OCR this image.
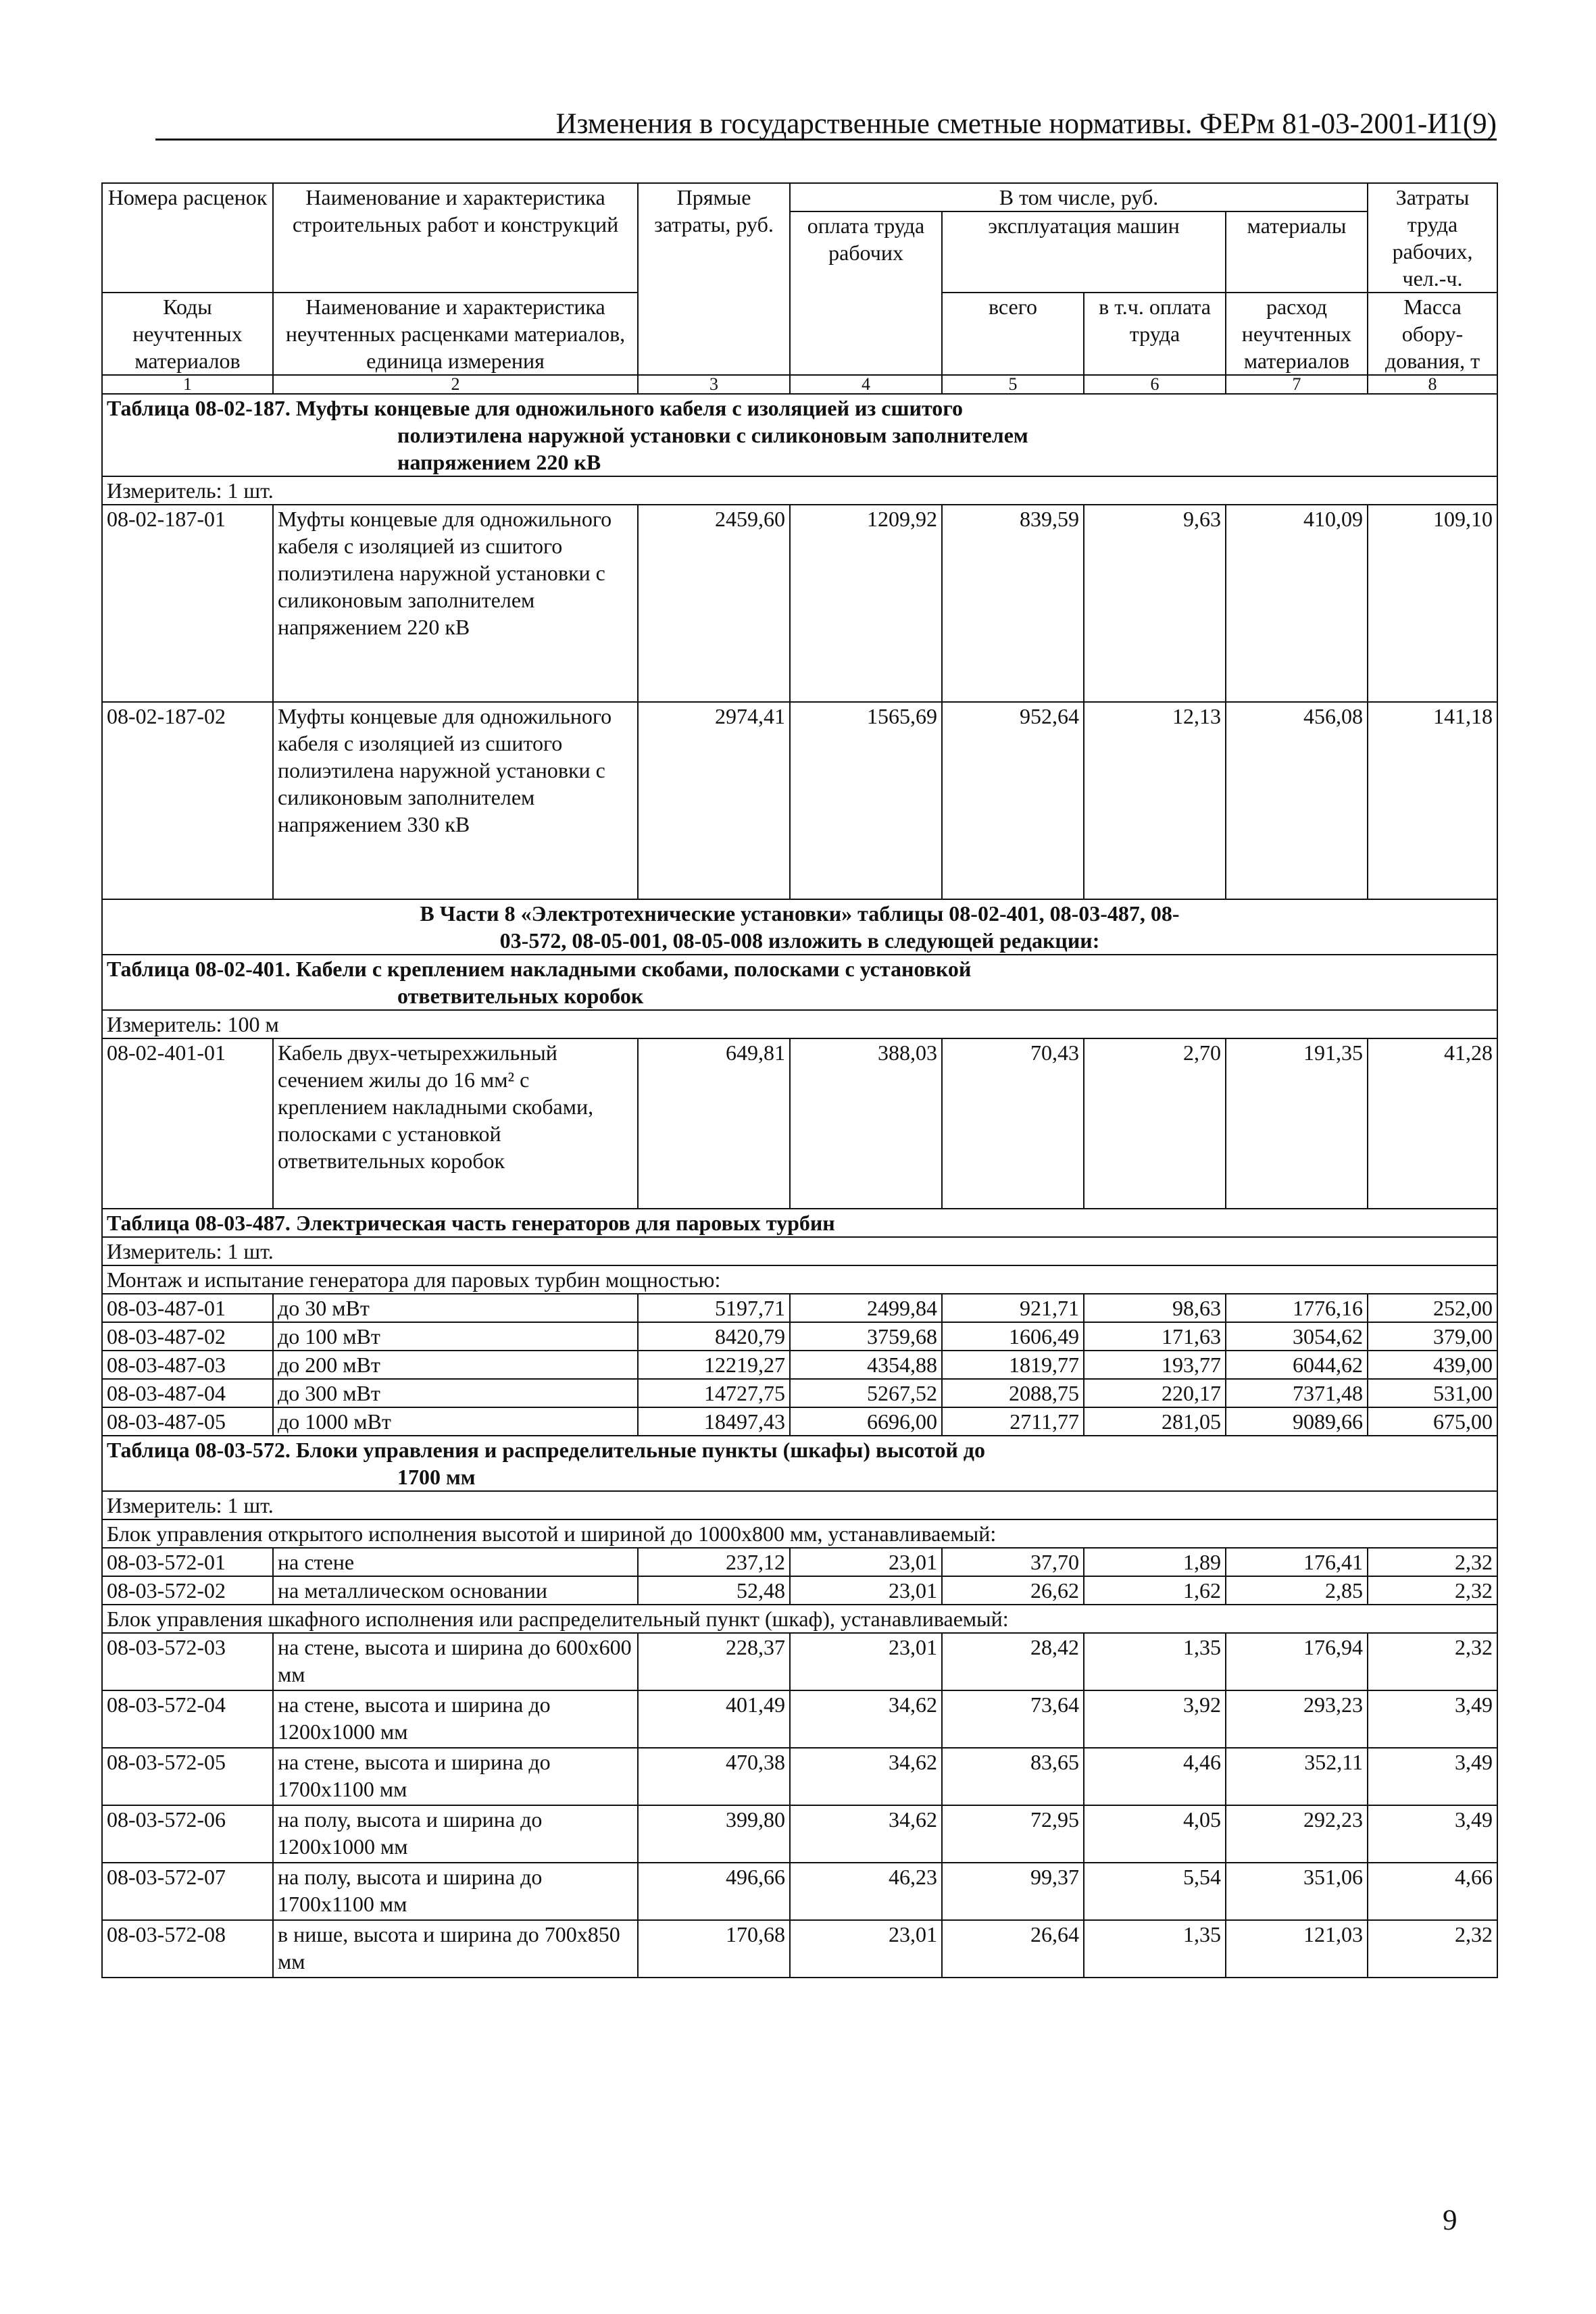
Изменения в государственные сметные нормативы. ФЕРм 81-03-2001-И1(9)
Номера расценок	Наименование и характеристика строительных работ и конструкций	Прямые затраты, руб.	В том числе, руб.				Затраты труда рабочих, чел.-ч.
			оплата труда рабочих	эксплуатация машин		материалы	
Коды неучтенных материалов	Наименование и характеристика неучтенных расценками материалов, единица измерения			всего	в т.ч. оплата труда	расход неучтенных материалов	Масса обору-дования, т
1	2	3	4	5	6	7	8
Таблица 08-02-187. Муфты концевые для одножильного кабеля с изоляцией из сшитого
полиэтилена наружной установки с силиконовым заполнителем
напряжением 220 кВ							

Измеритель: 1 шт.							
08-02-187-01	Муфты концевые для одножильного кабеля с изоляцией из сшитого полиэтилена наружной установки с силиконовым заполнителем напряжением 220 кВ	2459,60	1209,92	839,59	9,63	410,09	109,10
08-02-187-02	Муфты концевые для одножильного кабеля с изоляцией из сшитого полиэтилена наружной установки с силиконовым заполнителем напряжением 330 кВ	2974,41	1565,69	952,64	12,13	456,08	141,18
В Части 8 «Электротехнические установки» таблицы 08-02-401, 08-03-487, 08-
03-572, 08-05-001, 08-05-008 изложить в следующей редакции:							
Таблица 08-02-401. Кабели с креплением накладными скобами, полосками с установкой
ответвительных коробок							

Измеритель: 100 м							
08-02-401-01	Кабель двух-четырехжильный сечением жилы до 16 мм² с креплением накладными скобами, полосками с установкой ответвительных коробок	649,81	388,03	70,43	2,70	191,35	41,28
Таблица 08-03-487. Электрическая часть генераторов для паровых турбин							
Измеритель: 1 шт.							
Монтаж и испытание генератора для паровых турбин мощностью:							
08-03-487-01	до 30 мВт	5197,71	2499,84	921,71	98,63	1776,16	252,00
08-03-487-02	до 100 мВт	8420,79	3759,68	1606,49	171,63	3054,62	379,00
08-03-487-03	до 200 мВт	12219,27	4354,88	1819,77	193,77	6044,62	439,00
08-03-487-04	до 300 мВт	14727,75	5267,52	2088,75	220,17	7371,48	531,00
08-03-487-05	до 1000 мВт	18497,43	6696,00	2711,77	281,05	9089,66	675,00
Таблица 08-03-572. Блоки управления и распределительные пункты (шкафы) высотой до
1700 мм							

Измеритель: 1 шт.							
Блок управления открытого исполнения высотой и шириной до 1000х800 мм, устанавливаемый:							
08-03-572-01	на стене	237,12	23,01	37,70	1,89	176,41	2,32
08-03-572-02	на металлическом основании	52,48	23,01	26,62	1,62	2,85	2,32
Блок управления шкафного исполнения или распределительный пункт (шкаф), устанавливаемый:							
08-03-572-03	на стене, высота и ширина до 600х600 мм	228,37	23,01	28,42	1,35	176,94	2,32
08-03-572-04	на стене, высота и ширина до 1200х1000 мм	401,49	34,62	73,64	3,92	293,23	3,49
08-03-572-05	на стене, высота и ширина до 1700х1100 мм	470,38	34,62	83,65	4,46	352,11	3,49
08-03-572-06	на полу, высота и ширина до 1200х1000 мм	399,80	34,62	72,95	4,05	292,23	3,49
08-03-572-07	на полу, высота и ширина до 1700х1100 мм	496,66	46,23	99,37	5,54	351,06	4,66
08-03-572-08	в нише, высота и ширина до 700х850 мм	170,68	23,01	26,64	1,35	121,03	2,32
9
